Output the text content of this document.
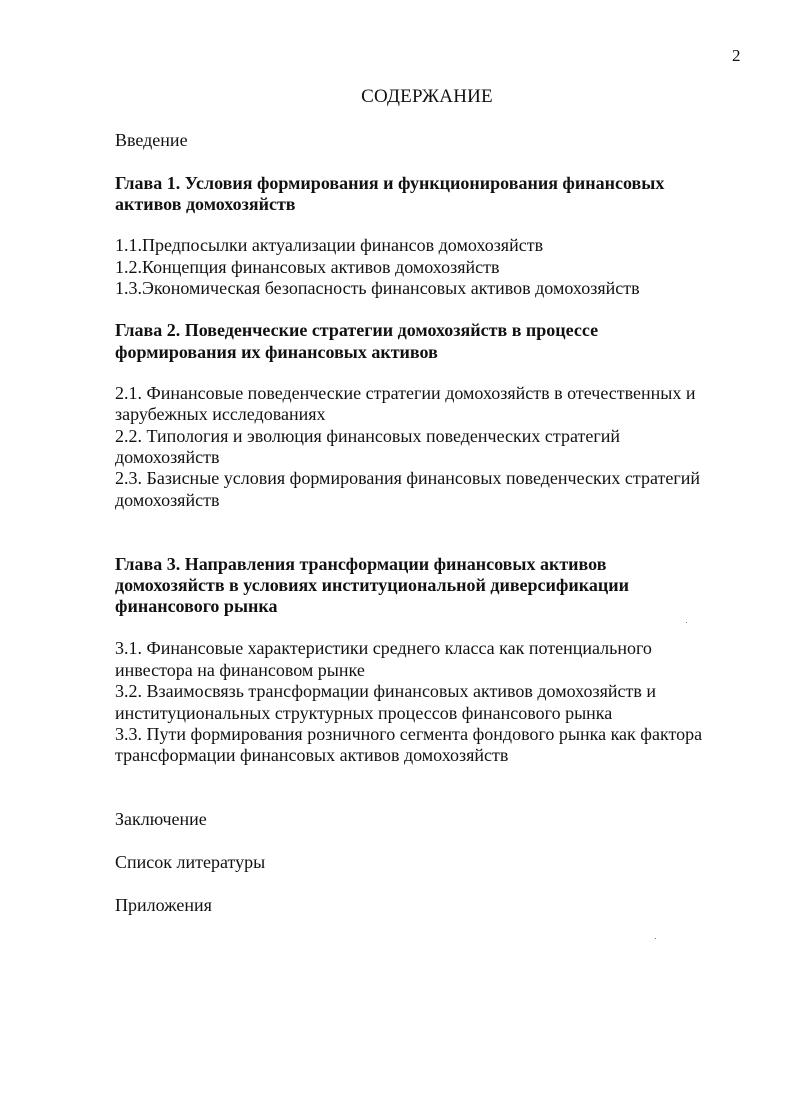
2
СОДЕРЖАНИЕ
Введение
Глава 1. Условия формирования и функционирования финансовых
активов домохозяйств
1.1.Предпосылки актуализации финансов домохозяйств
1.2.Концепция финансовых активов домохозяйств
1.3.Экономическая безопасность финансовых активов домохозяйств
Глава 2. Поведенческие стратегии домохозяйств в процессе
формирования их финансовых активов
2.1. Финансовые поведенческие стратегии домохозяйств в отечественных и
зарубежных исследованиях
2.2. Типология и эволюция финансовых поведенческих стратегий
домохозяйств
2.3. Базисные условия формирования финансовых поведенческих стратегий
домохозяйств
Глава 3. Направления трансформации финансовых активов
домохозяйств в условиях институциональной диверсификации
финансового рынка
3.1. Финансовые характеристики среднего класса как потенциального
инвестора на финансовом рынке
3.2. Взаимосвязь трансформации финансовых активов домохозяйств и
институциональных структурных процессов финансового рынка
3.3. Пути формирования розничного сегмента фондового рынка как фактора
трансформации финансовых активов домохозяйств
Заключение
Список литературы
Приложения
